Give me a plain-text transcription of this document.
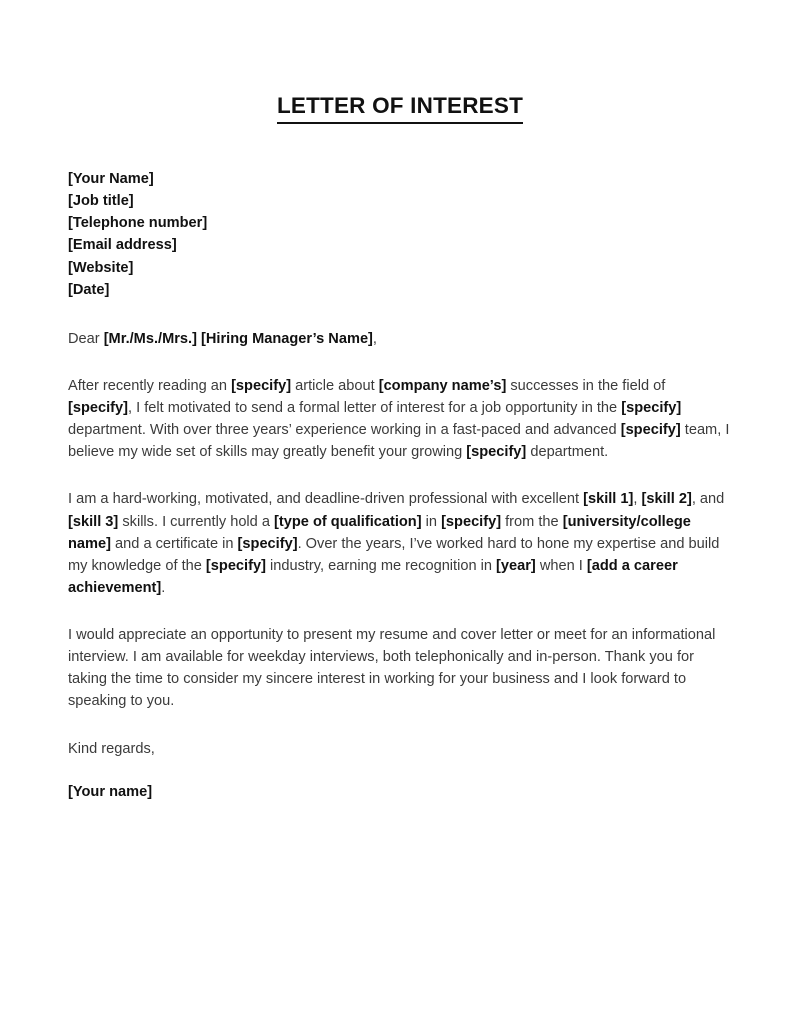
LETTER OF INTEREST
[Your Name]
[Job title]
[Telephone number]
[Email address]
[Website]
[Date]
Dear [Mr./Ms./Mrs.] [Hiring Manager’s Name],

After recently reading an [specify] article about [company name’s] successes in the field of [specify], I felt motivated to send a formal letter of interest for a job opportunity in the [specify] department. With over three years’ experience working in a fast-paced and advanced [specify] team, I believe my wide set of skills may greatly benefit your growing [specify] department.

I am a hard-working, motivated, and deadline-driven professional with excellent [skill 1], [skill 2], and [skill 3] skills. I currently hold a [type of qualification] in [specify] from the [university/college name] and a certificate in [specify]. Over the years, I’ve worked hard to hone my expertise and build my knowledge of the [specify] industry, earning me recognition in [year] when I [add a career achievement].

I would appreciate an opportunity to present my resume and cover letter or meet for an informational interview. I am available for weekday interviews, both telephonically and in-person. Thank you for taking the time to consider my sincere interest in working for your business and I look forward to speaking to you.

Kind regards,
[Your name]
